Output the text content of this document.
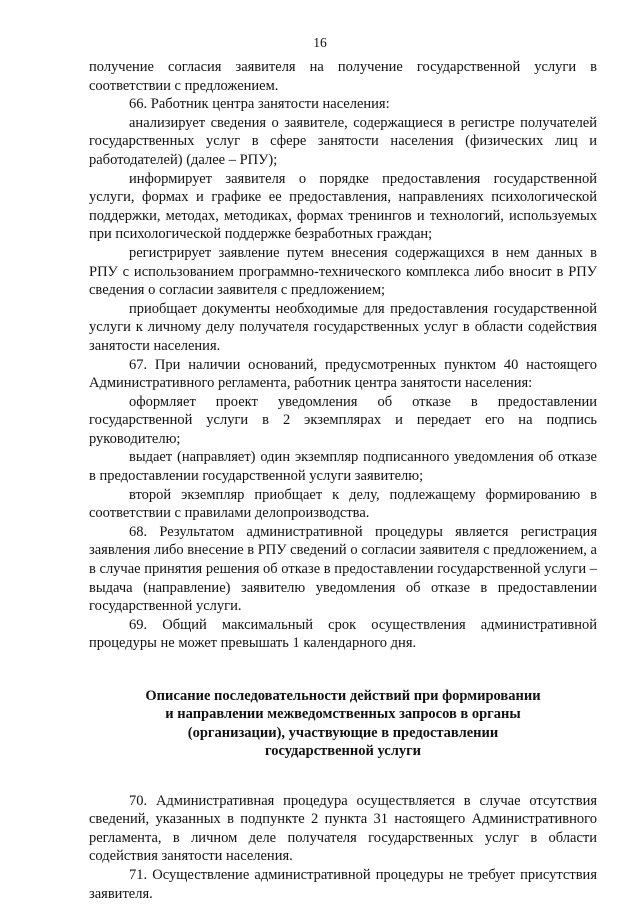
16

получение согласия заявителя на получение государственной услуги в соответствии с предложением.

66. Работник центра занятости населения:

анализирует сведения о заявителе, содержащиеся в регистре получателей государственных услуг в сфере занятости населения (физических лиц и работодателей) (далее – РПУ);

информирует заявителя о порядке предоставления государственной услуги, формах и графике ее предоставления, направлениях психологической поддержки, методах, методиках, формах тренингов и технологий, используемых при психологической поддержке безработных граждан;

регистрирует заявление путем внесения содержащихся в нем данных в РПУ с использованием программно-технического комплекса либо вносит в РПУ сведения о согласии заявителя с предложением;

приобщает документы необходимые для предоставления государственной услуги к личному делу получателя государственных услуг в области содействия занятости населения.

67. При наличии оснований, предусмотренных пунктом 40 настоящего Административного регламента, работник центра занятости населения:

оформляет проект уведомления об отказе в предоставлении государственной услуги в 2 экземплярах и передает его на подпись руководителю;

выдает (направляет) один экземпляр подписанного уведомления об отказе в предоставлении государственной услуги заявителю;

второй экземпляр приобщает к делу, подлежащему формированию в соответствии с правилами делопроизводства.

68. Результатом административной процедуры является регистрация заявления либо внесение в РПУ сведений о согласии заявителя с предложением, а в случае принятия решения об отказе в предоставлении государственной услуги – выдача (направление) заявителю уведомления об отказе в предоставлении государственной услуги.

69. Общий максимальный срок осуществления административной процедуры не может превышать 1 календарного дня.

Описание последовательности действий при формировании
и направлении межведомственных запросов в органы
(организации), участвующие в предоставлении
государственной услуги

70. Административная процедура осуществляется в случае отсутствия сведений, указанных в подпункте 2 пункта 31 настоящего Административного регламента, в личном деле получателя государственных услуг в области содействия занятости населения.

71. Осуществление административной процедуры не требует присутствия заявителя.
